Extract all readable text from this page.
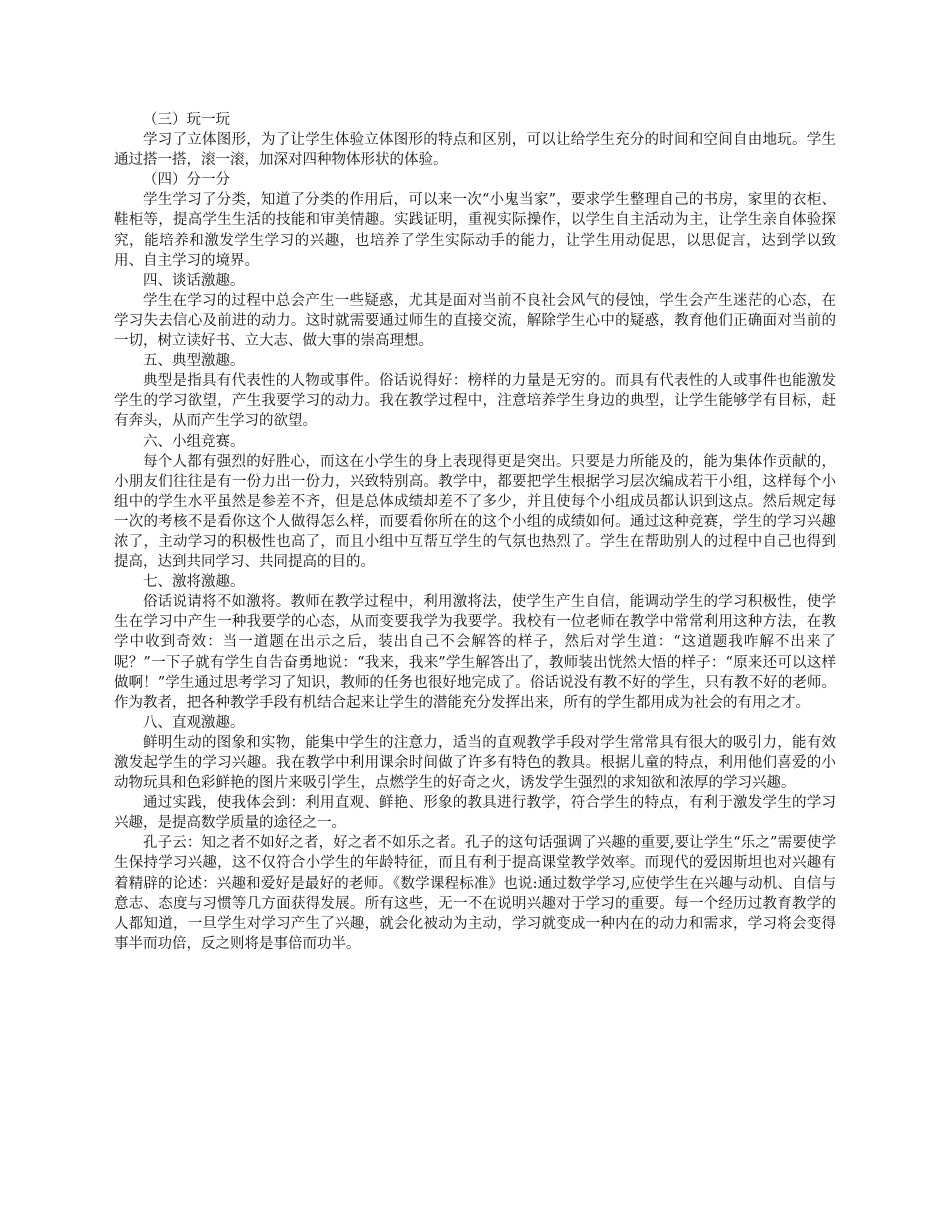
（三）玩一玩

学习了立体图形，为了让学生体验立体图形的特点和区别，可以让给学生充分的时间和空间自由地玩。学生通过搭一搭，滚一滚，加深对四种物体形状的体验。

（四）分一分

学生学习了分类，知道了分类的作用后，可以来一次“小鬼当家”，要求学生整理自己的书房，家里的衣柜、鞋柜等，提高学生生活的技能和审美情趣。实践证明，重视实际操作，以学生自主活动为主，让学生亲自体验探究，能培养和激发学生学习的兴趣，也培养了学生实际动手的能力，让学生用动促思，以思促言，达到学以致用、自主学习的境界。

四、谈话激趣。

学生在学习的过程中总会产生一些疑惑，尤其是面对当前不良社会风气的侵蚀，学生会产生迷茫的心态，在学习失去信心及前进的动力。这时就需要通过师生的直接交流，解除学生心中的疑惑，教育他们正确面对当前的一切，树立读好书、立大志、做大事的崇高理想。

五、典型激趣。

典型是指具有代表性的人物或事件。俗话说得好：榜样的力量是无穷的。而具有代表性的人或事件也能激发学生的学习欲望，产生我要学习的动力。我在教学过程中，注意培养学生身边的典型，让学生能够学有目标，赶有奔头，从而产生学习的欲望。

六、小组竞赛。

每个人都有强烈的好胜心，而这在小学生的身上表现得更是突出。只要是力所能及的，能为集体作贡献的，小朋友们往往是有一份力出一份力，兴致特别高。教学中，都要把学生根据学习层次编成若干小组，这样每个小组中的学生水平虽然是参差不齐，但是总体成绩却差不了多少，并且使每个小组成员都认识到这点。然后规定每一次的考核不是看你这个人做得怎么样，而要看你所在的这个小组的成绩如何。通过这种竞赛，学生的学习兴趣浓了，主动学习的积极性也高了，而且小组中互帮互学生的气氛也热烈了。学生在帮助别人的过程中自己也得到提高，达到共同学习、共同提高的目的。

七、激将激趣。

俗话说请将不如激将。教师在教学过程中，利用激将法，使学生产生自信，能调动学生的学习积极性，使学生在学习中产生一种我要学的心态，从而变要我学为我要学。我校有一位老师在教学中常常利用这种方法，在教学中收到奇效：当一道题在出示之后，装出自己不会解答的样子，然后对学生道：“这道题我咋解不出来了呢？”一下子就有学生自告奋勇地说：“我来，我来”学生解答出了，教师装出恍然大悟的样子：“原来还可以这样做啊！”学生通过思考学习了知识，教师的任务也很好地完成了。俗话说没有教不好的学生，只有教不好的老师。作为教者，把各种教学手段有机结合起来让学生的潜能充分发挥出来，所有的学生都用成为社会的有用之才。

八、直观激趣。

鲜明生动的图象和实物，能集中学生的注意力，适当的直观教学手段对学生常常具有很大的吸引力，能有效激发起学生的学习兴趣。我在教学中利用课余时间做了许多有特色的教具。根据儿童的特点，利用他们喜爱的小动物玩具和色彩鲜艳的图片来吸引学生，点燃学生的好奇之火，诱发学生强烈的求知欲和浓厚的学习兴趣。

通过实践，使我体会到：利用直观、鲜艳、形象的教具进行教学，符合学生的特点，有利于激发学生的学习兴趣，是提高数学质量的途径之一。

孔子云：知之者不如好之者，好之者不如乐之者。孔子的这句话强调了兴趣的重要,要让学生“乐之”需要使学生保持学习兴趣，这不仅符合小学生的年龄特征，而且有利于提高课堂教学效率。而现代的爱因斯坦也对兴趣有着精辟的论述：兴趣和爱好是最好的老师。《数学课程标准》也说:通过数学学习,应使学生在兴趣与动机、自信与意志、态度与习惯等几方面获得发展。所有这些，无一不在说明兴趣对于学习的重要。每一个经历过教育教学的人都知道，一旦学生对学习产生了兴趣，就会化被动为主动，学习就变成一种内在的动力和需求，学习将会变得事半而功倍，反之则将是事倍而功半。
